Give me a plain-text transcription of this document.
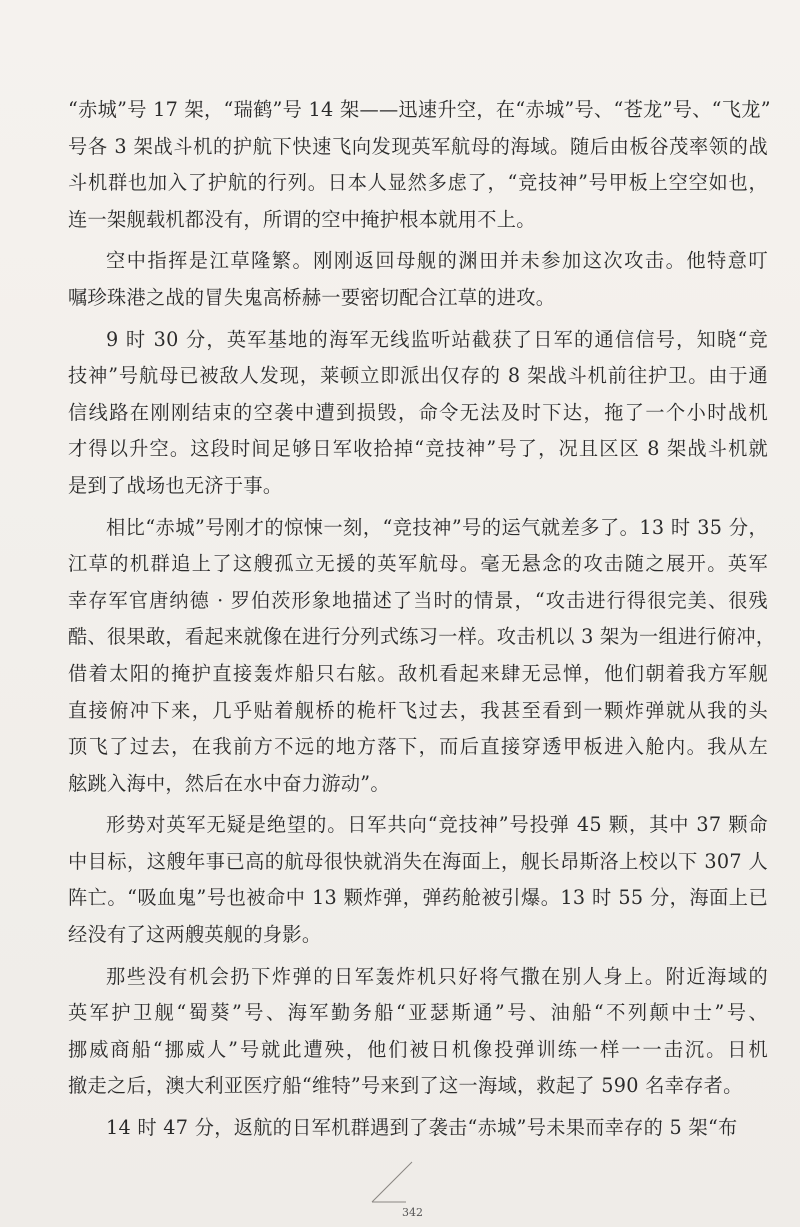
“赤城”号 17 架，“瑞鹤”号 14 架——迅速升空，在“赤城”号、“苍龙”号、“飞龙”
号各 3 架战斗机的护航下快速飞向发现英军航母的海域。随后由板谷茂率领的战
斗机群也加入了护航的行列。日本人显然多虑了，“竞技神”号甲板上空空如也，
连一架舰载机都没有，所谓的空中掩护根本就用不上。
空中指挥是江草隆繁。刚刚返回母舰的渊田并未参加这次攻击。他特意叮
嘱珍珠港之战的冒失鬼高桥赫一要密切配合江草的进攻。
9 时 30 分，英军基地的海军无线监听站截获了日军的通信信号，知晓“竞
技神”号航母已被敌人发现，莱顿立即派出仅存的 8 架战斗机前往护卫。由于通
信线路在刚刚结束的空袭中遭到损毁，命令无法及时下达，拖了一个小时战机
才得以升空。这段时间足够日军收拾掉“竞技神”号了，况且区区 8 架战斗机就
是到了战场也无济于事。
相比“赤城”号刚才的惊悚一刻，“竞技神”号的运气就差多了。13 时 35 分，
江草的机群追上了这艘孤立无援的英军航母。毫无悬念的攻击随之展开。英军
幸存军官唐纳德 · 罗伯茨形象地描述了当时的情景，“攻击进行得很完美、很残
酷、很果敢，看起来就像在进行分列式练习一样。攻击机以 3 架为一组进行俯冲，
借着太阳的掩护直接轰炸船只右舷。敌机看起来肆无忌惮，他们朝着我方军舰
直接俯冲下来，几乎贴着舰桥的桅杆飞过去，我甚至看到一颗炸弹就从我的头
顶飞了过去，在我前方不远的地方落下，而后直接穿透甲板进入舱内。我从左
舷跳入海中，然后在水中奋力游动”。
形势对英军无疑是绝望的。日军共向“竞技神”号投弹 45 颗，其中 37 颗命
中目标，这艘年事已高的航母很快就消失在海面上，舰长昂斯洛上校以下 307 人
阵亡。“吸血鬼”号也被命中 13 颗炸弹，弹药舱被引爆。13 时 55 分，海面上已
经没有了这两艘英舰的身影。
那些没有机会扔下炸弹的日军轰炸机只好将气撒在别人身上。附近海域的
英军护卫舰“蜀葵”号、海军勤务船“亚瑟斯通”号、油船“不列颠中士”号、
挪威商船“挪威人”号就此遭殃，他们被日机像投弹训练一样一一击沉。日机
撤走之后，澳大利亚医疗船“维特”号来到了这一海域，救起了 590 名幸存者。
14 时 47 分，返航的日军机群遇到了袭击“赤城”号未果而幸存的 5 架“布
342
